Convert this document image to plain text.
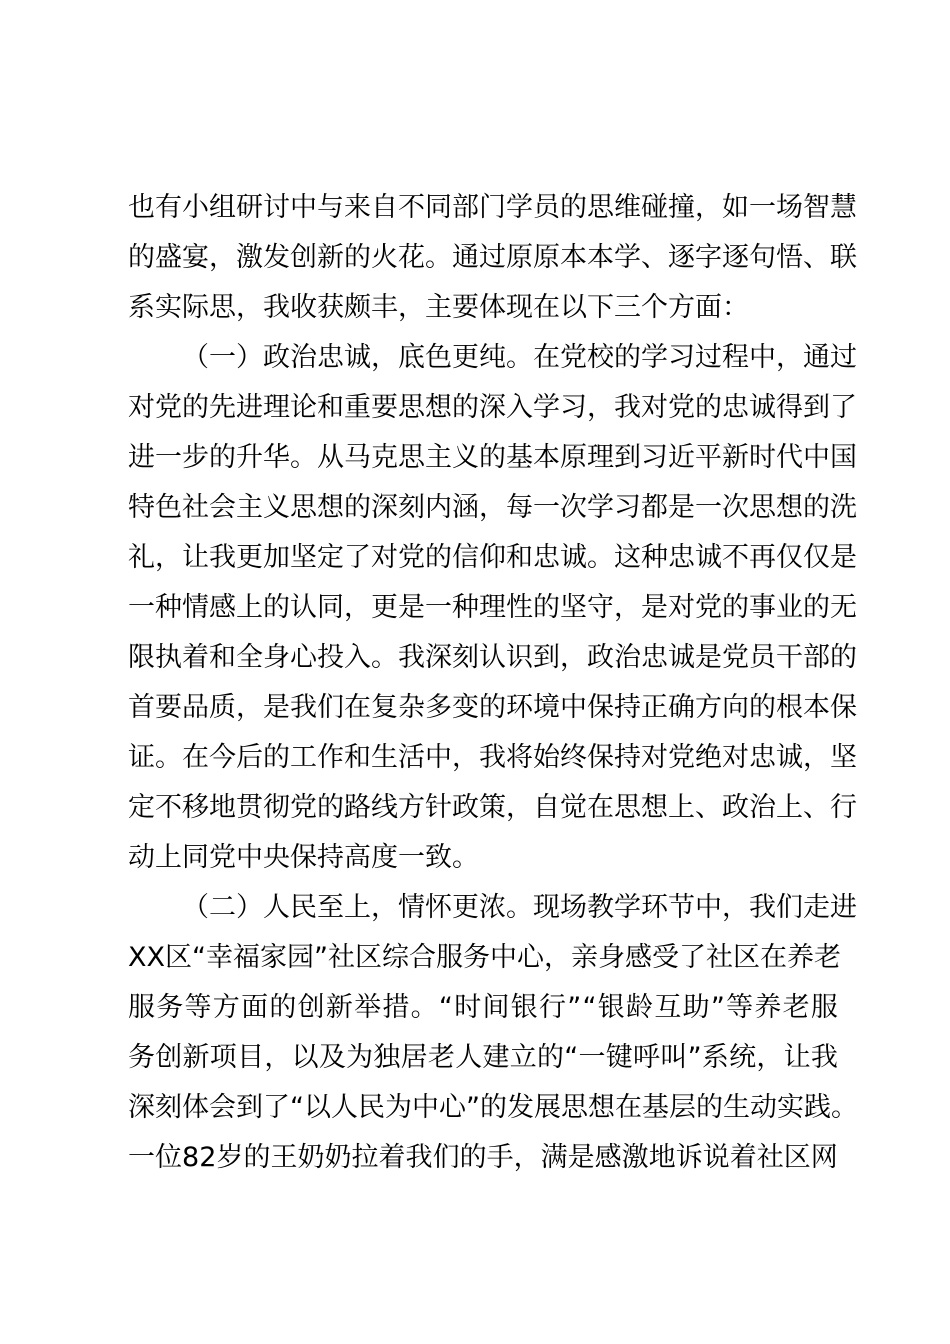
也 有 小 组 研 讨 中 与 来 自 不 同 部 门 学 员 的 思 维 碰 撞 ， 如 一 场 智 慧
的 盛 宴 ， 激 发 创 新 的 火 花 。 通 过 原 原 本 本 学 、 逐 字 逐 句 悟 、 联
系实际思，我收获颇丰，主要体现在以下三个方面：
（ 一 ） 政 治 忠 诚 ， 底 色 更 纯 。 在 党 校 的 学 习 过 程 中 ， 通 过
对 党 的 先 进 理 论 和 重 要 思 想 的 深 入 学 习 ， 我 对 党 的 忠 诚 得 到 了
进 一 步 的 升 华 。 从 马 克 思 主 义 的 基 本 原 理 到 习 近 平 新 时 代 中 国
特 色 社 会 主 义 思 想 的 深 刻 内 涵 ， 每 一 次 学 习 都 是 一 次 思 想 的 洗
礼 ， 让 我 更 加 坚 定 了 对 党 的 信 仰 和 忠 诚 。 这 种 忠 诚 不 再 仅 仅 是
一 种 情 感 上 的 认 同 ， 更 是 一 种 理 性 的 坚 守 ， 是 对 党 的 事 业 的 无
限 执 着 和 全 身 心 投 入 。 我 深 刻 认 识 到 ， 政 治 忠 诚 是 党 员 干 部 的
首 要 品 质 ， 是 我 们 在 复 杂 多 变 的 环 境 中 保 持 正 确 方 向 的 根 本 保
证 。 在 今 后 的 工 作 和 生 活 中 ， 我 将 始 终 保 持 对 党 绝 对 忠 诚 ， 坚
定 不 移 地 贯 彻 党 的 路 线 方 针 政 策 ， 自 觉 在 思 想 上 、 政 治 上 、 行
动上同党中央保持高度一致。
（ 二 ） 人 民 至 上 ， 情 怀 更 浓 。 现 场 教 学 环 节 中 ， 我 们 走 进
X X 区 “ 幸 福 家 园 ” 社 区 综 合 服 务 中 心 ， 亲 身 感 受 了 社 区 在 养 老
服 务 等 方 面 的 创 新 举 措 。 “ 时 间 银 行 ” “ 银 龄 互 助 ” 等 养 老 服
务 创 新 项 目 ， 以 及 为 独 居 老 人 建 立 的 “ 一 键 呼 叫 ” 系 统 ， 让 我
深 刻 体 会 到 了 “ 以 人 民 为 中 心 ” 的 发 展 思 想 在 基 层 的 生 动 实 践 。
一 位 8 2 岁 的 王 奶 奶 拉 着 我 们 的 手 ， 满 是 感 激 地 诉 说 着 社 区 网
